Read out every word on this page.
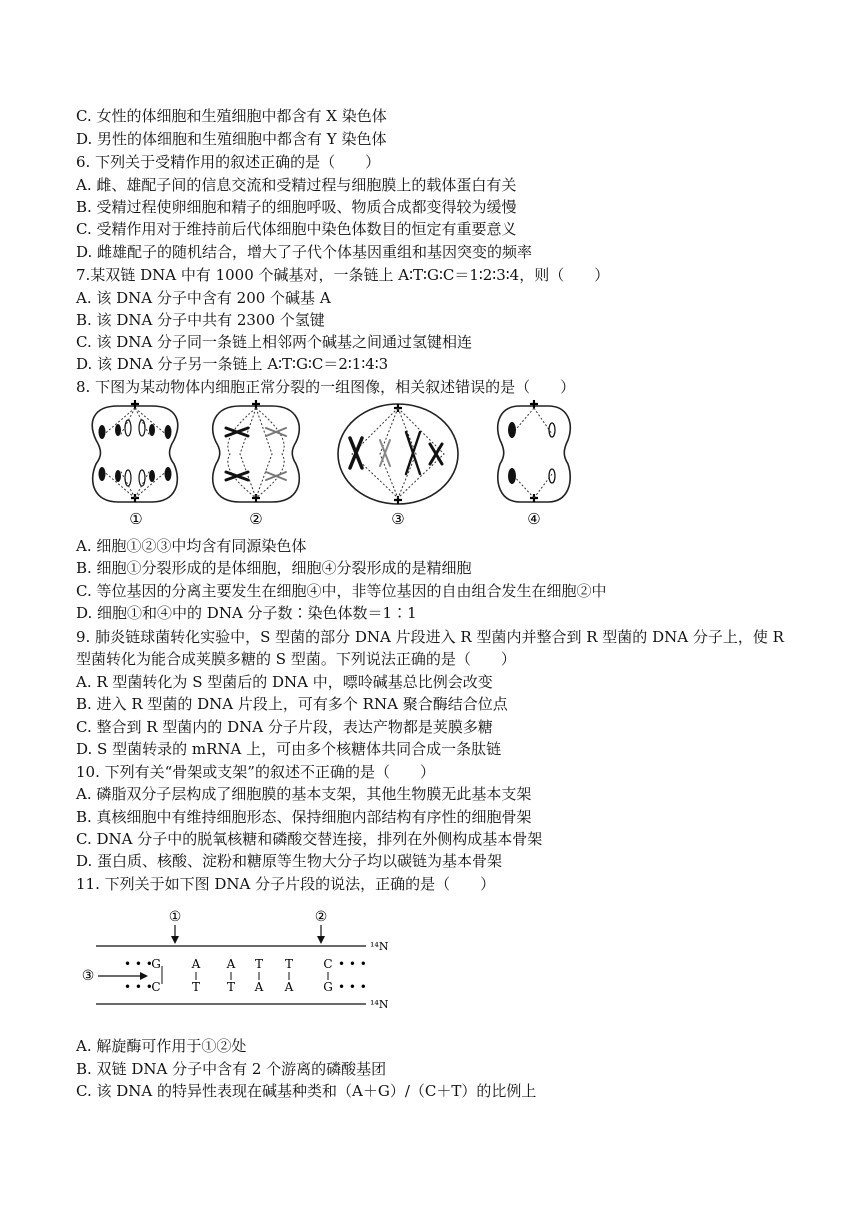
C. 女性的体细胞和生殖细胞中都含有 X 染色体
D. 男性的体细胞和生殖细胞中都含有 Y 染色体
6. 下列关于受精作用的叙述正确的是（　　）
A. 雌、雄配子间的信息交流和受精过程与细胞膜上的载体蛋白有关
B. 受精过程使卵细胞和精子的细胞呼吸、物质合成都变得较为缓慢
C. 受精作用对于维持前后代体细胞中染色体数目的恒定有重要意义
D. 雌雄配子的随机结合，增大了子代个体基因重组和基因突变的频率
7.某双链 DNA 中有 1000 个碱基对，一条链上 A∶T∶G∶C＝1∶2∶3∶4，则（　　）
A. 该 DNA 分子中含有 200 个碱基 A
B. 该 DNA 分子中共有 2300 个氢键
C. 该 DNA 分子同一条链上相邻两个碱基之间通过氢键相连
D. 该 DNA 分子另一条链上 A∶T∶G∶C＝2∶1∶4∶3
8. 下图为某动物体内细胞正常分裂的一组图像，相关叙述错误的是（　　）
✚
✚
✚
✚
✚
✚
✚
✚
①	②	③	④
A. 细胞①②③中均含有同源染色体
B. 细胞①分裂形成的是体细胞，细胞④分裂形成的是精细胞
C. 等位基因的分离主要发生在细胞④中，非等位基因的自由组合发生在细胞②中
D. 细胞①和④中的 DNA 分子数∶染色体数＝1∶1
9. 肺炎链球菌转化实验中，S 型菌的部分 DNA 片段进入 R 型菌内并整合到 R 型菌的 DNA 分子上，使 R 型菌转化为能合成荚膜多糖的 S 型菌。下列说法正确的是（　　）
A. R 型菌转化为 S 型菌后的 DNA 中，嘌呤碱基总比例会改变
B. 进入 R 型菌的 DNA 片段上，可有多个 RNA 聚合酶结合位点
C. 整合到 R 型菌内的 DNA 分子片段，表达产物都是荚膜多糖
D. S 型菌转录的 mRNA 上，可由多个核糖体共同合成一条肽链
10. 下列有关“骨架或支架”的叙述不正确的是（　　）
A. 磷脂双分子层构成了细胞膜的基本支架，其他生物膜无此基本支架
B. 真核细胞中有维持细胞形态、保持细胞内部结构有序性的细胞骨架
C. DNA 分子中的脱氧核糖和磷酸交替连接，排列在外侧构成基本骨架
D. 蛋白质、核酸、淀粉和糖原等生物大分子均以碳链为基本骨架
11. 下列关于如下图 DNA 分子片段的说法，正确的是（　　）
¹⁴N
¹⁴N
①	②
③
• • •
• • •
• • •
• • •
G	A A T T	C
C	T T A A G
A. 解旋酶可作用于①②处
B. 双链 DNA 分子中含有 2 个游离的磷酸基团
C. 该 DNA 的特异性表现在碱基种类和（A＋G）/（C＋T）的比例上
